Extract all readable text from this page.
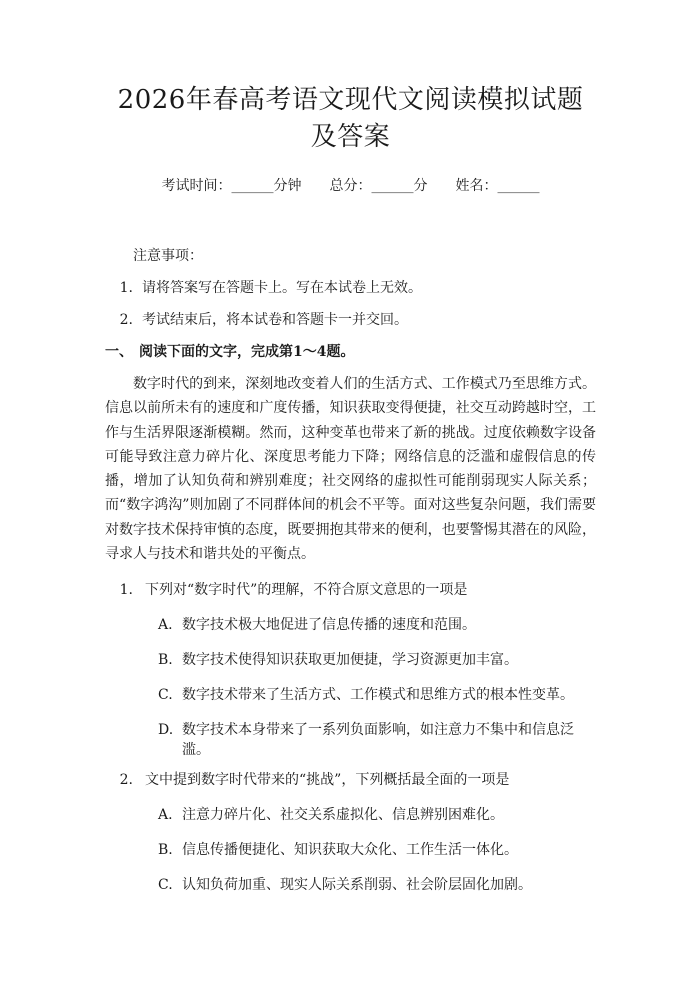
2026年春高考语文现代文阅读模拟试题及答案
考试时间：______分钟 总分：______分 姓名：______
注意事项：
1. 请将答案写在答题卡上。写在本试卷上无效。
2. 考试结束后，将本试卷和答题卡一并交回。
一、 阅读下面的文字，完成第1～4题。

数字时代的到来，深刻地改变着人们的生活方式、工作模式乃至思维方式。信息以前所未有的速度和广度传播，知识获取变得便捷，社交互动跨越时空，工作与生活界限逐渐模糊。然而，这种变革也带来了新的挑战。过度依赖数字设备可能导致注意力碎片化、深度思考能力下降；网络信息的泛滥和虚假信息的传播，增加了认知负荷和辨别难度；社交网络的虚拟性可能削弱现实人际关系；而“数字鸿沟”则加剧了不同群体间的机会不平等。面对这些复杂问题，我们需要对数字技术保持审慎的态度，既要拥抱其带来的便利，也要警惕其潜在的风险，寻求人与技术和谐共处的平衡点。

1. 下列对“数字时代”的理解，不符合原文意思的一项是
A. 数字技术极大地促进了信息传播的速度和范围。
B. 数字技术使得知识获取更加便捷，学习资源更加丰富。
C. 数字技术带来了生活方式、工作模式和思维方式的根本性变革。
D. 数字技术本身带来了一系列负面影响，如注意力不集中和信息泛滥。
2. 文中提到数字时代带来的“挑战”，下列概括最全面的一项是
A. 注意力碎片化、社交关系虚拟化、信息辨别困难化。
B. 信息传播便捷化、知识获取大众化、工作生活一体化。
C. 认知负荷加重、现实人际关系削弱、社会阶层固化加剧。
